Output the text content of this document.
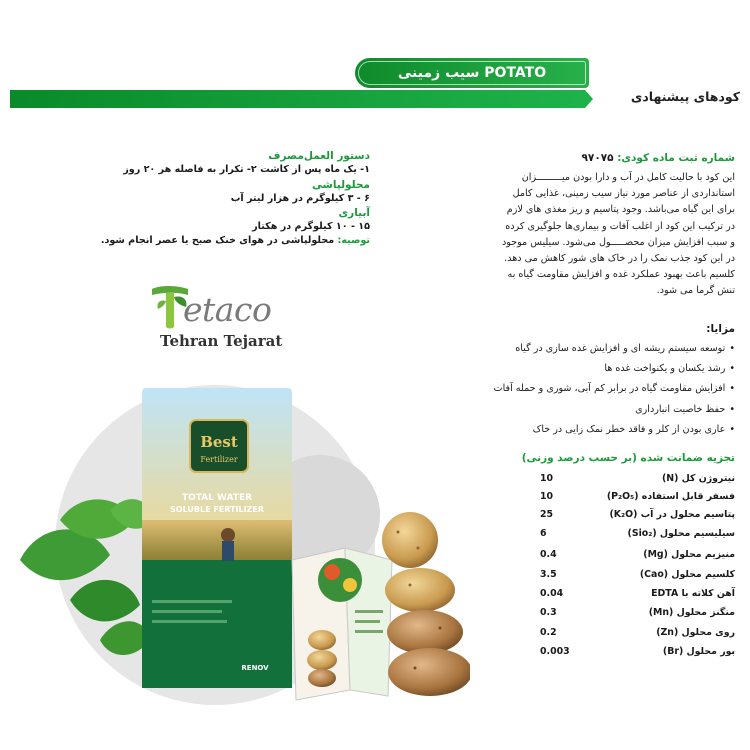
سیب زمینی POTATO
کودهای پیشنهادی
شماره ثبت ماده کودی: ۹۷۰۷۵
این کود با حالیت کامل در آب و دارا بودن میـــــــــزان
استانداردی از عناصر مورد نیاز سیب زمینی، غذایی کامل
برای این گیاه می‌باشد. وجود پتاسیم و ریز مغذی های لازم
در ترکیب این کود از اغلب آفات و بیماری‌ها جلوگیری کرده
و سبب افزایش میزان محصـــــول می‌شود. سیلیس موجود
در این کود جذب نمک را در خاک های شور کاهش می دهد.
کلسیم باعث بهبود عملکرد غده و افزایش مقاومت گیاه به
تنش گرما می شود.
مزایا:
• توسعه سیستم ریشه ای و افزایش غده سازی در گیاه
• رشد یکسان و یکنواخت غده ها
• افزایش مقاومت گیاه در برابر کم آبی، شوری و حمله آفات
• حفظ خاصیت انبارداری
• عاری بودن از کلر و فاقد خطر نمک زایی در خاک
تجزیه ضمانت شده (بر حسب درصد وزنی)
نیتروژن کل (N)
10
فسفر قابل استفاده (P₂O₅)
10
پتاسیم محلول در آب (K₂O)
25
سیلیسیم محلول (Sio₂)
6
منیزیم محلول (Mg)
0.4
کلسیم محلول (Cao)
3.5
آهن کلاته با EDTA
0.04
منگنز محلول (Mn)
0.3
روی محلول (Zn)
0.2
بور محلول (Br)
0.003
دستور العمل‌مصرف
۱- یک ماه پس از کاشت ۲- تکرار به فاصله هر ۲۰ روز
محلولپاشی
۶ - ۳ کیلوگرم در هزار لیتر آب
آبیاری
۱۵ - ۱۰ کیلوگرم در هکتار
توصیه: محلولپاشی در هوای خنک صبح یا عصر انجام شود.
etaco
Tehran Tejarat
Best
Fertilizer
TOTAL WATER
SOLUBLE FERTILIZER
RENOV
